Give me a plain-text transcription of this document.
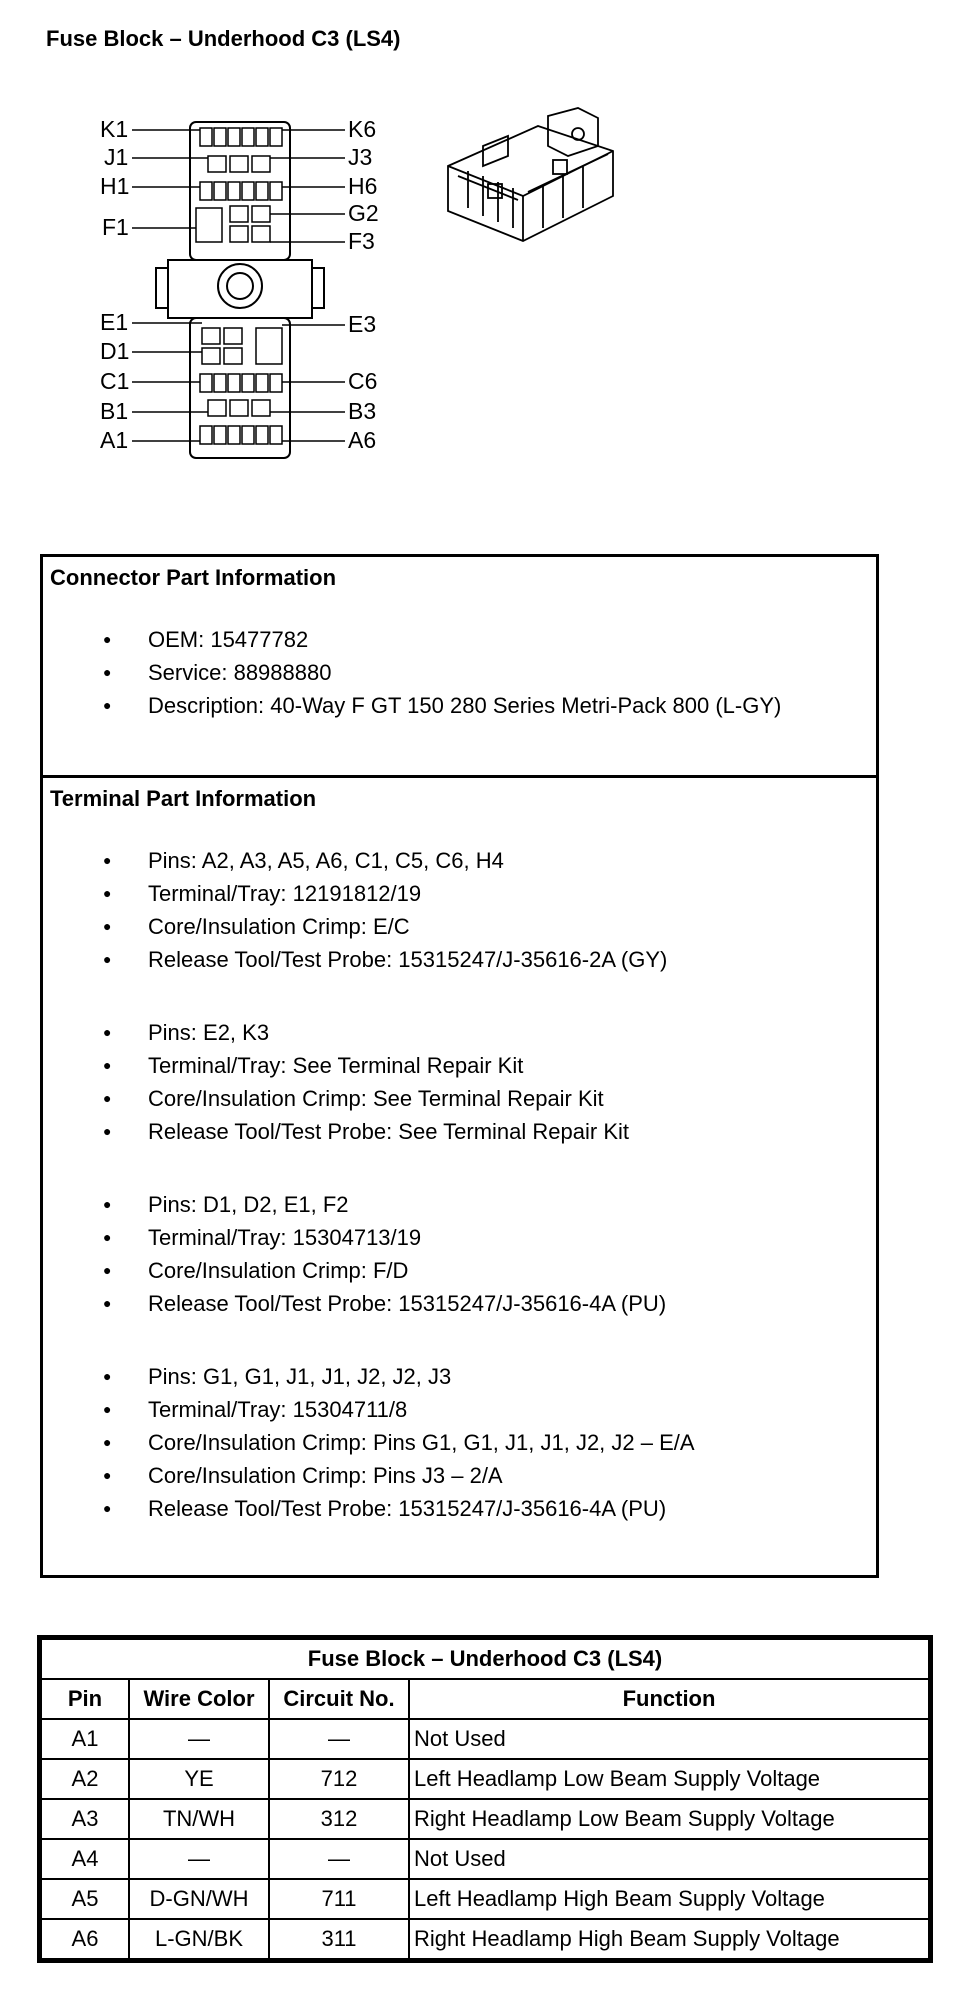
Fuse Block – Underhood C3 (LS4)
K1
J1
H1
F1
E1
D1
C1
B1
A1
K6
J3
H6
G2
F3
E3
C6
B3
A6
Connector Part Information
● OEM: 15477782
● Service: 88988880
● Description: 40-Way F GT 150 280 Series Metri-Pack 800 (L-GY)
Terminal Part Information
● Pins: A2, A3, A5, A6, C1, C5, C6, H4
● Terminal/Tray: 12191812/19
● Core/Insulation Crimp: E/C
● Release Tool/Test Probe: 15315247/J-35616-2A (GY)
● Pins: E2, K3
● Terminal/Tray: See Terminal Repair Kit
● Core/Insulation Crimp: See Terminal Repair Kit
● Release Tool/Test Probe: See Terminal Repair Kit
● Pins: D1, D2, E1, F2
● Terminal/Tray: 15304713/19
● Core/Insulation Crimp: F/D
● Release Tool/Test Probe: 15315247/J-35616-4A (PU)
● Pins: G1, G1, J1, J1, J2, J2, J3
● Terminal/Tray: 15304711/8
● Core/Insulation Crimp: Pins G1, G1, J1, J1, J2, J2 – E/A
● Core/Insulation Crimp: Pins J3 – 2/A
● Release Tool/Test Probe: 15315247/J-35616-4A (PU)
Fuse Block – Underhood C3 (LS4)			
Pin	Wire Color	Circuit No.	Function
A1	—	—	Not Used
A2	YE	712	Left Headlamp Low Beam Supply Voltage
A3	TN/WH	312	Right Headlamp Low Beam Supply Voltage
A4	—	—	Not Used
A5	D-GN/WH	711	Left Headlamp High Beam Supply Voltage
A6	L-GN/BK	311	Right Headlamp High Beam Supply Voltage
